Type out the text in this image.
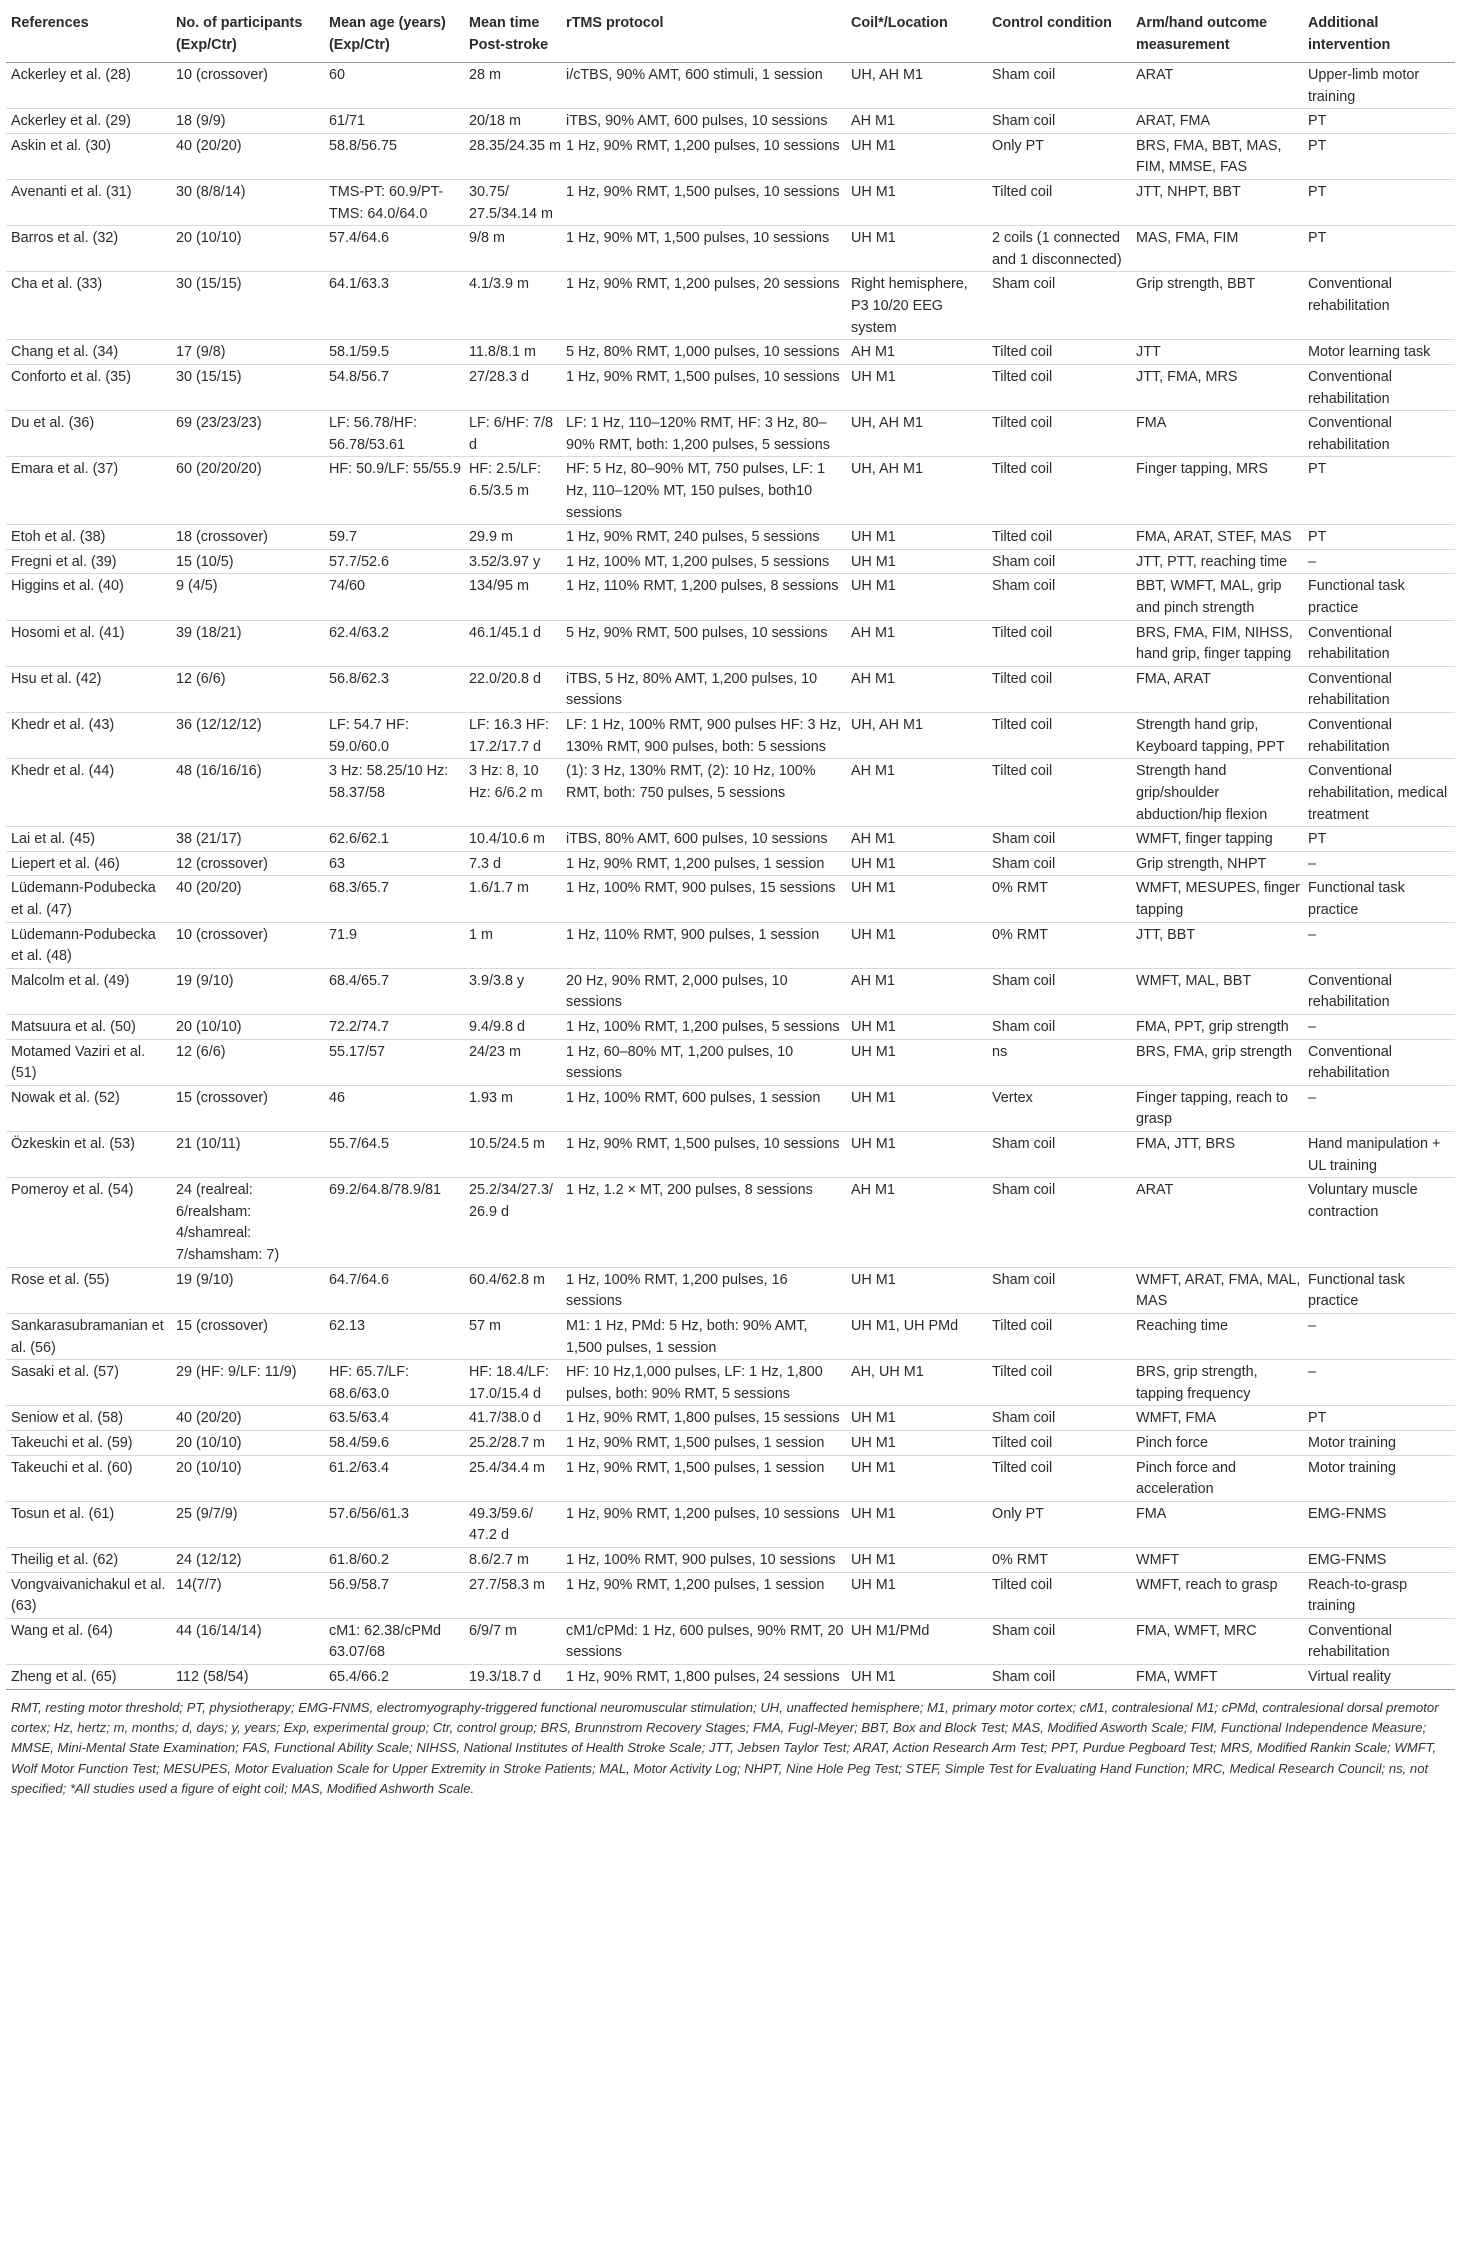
References	No. of participants (Exp/Ctr)	Mean age (years) (Exp/Ctr)	Mean time Post-stroke	rTMS protocol	Coil*/Location	Control condition	Arm/hand outcome measurement	Additional intervention
Ackerley et al. (28)	10 (crossover)	60	28 m	i/cTBS, 90% AMT, 600 stimuli, 1 session	UH, AH M1	Sham coil	ARAT	Upper-limb motor training
Ackerley et al. (29)	18 (9/9)	61/71	20/18 m	iTBS, 90% AMT, 600 pulses, 10 sessions	AH M1	Sham coil	ARAT, FMA	PT
Askin et al. (30)	40 (20/20)	58.8/56.75	28.35/24.35 m	1 Hz, 90% RMT, 1,200 pulses, 10 sessions	UH M1	Only PT	BRS, FMA, BBT, MAS, FIM, MMSE, FAS	PT
Avenanti et al. (31)	30 (8/8/14)	TMS-PT: 60.9/PT-TMS: 64.0/64.0	30.75/ 27.5/34.14 m	1 Hz, 90% RMT, 1,500 pulses, 10 sessions	UH M1	Tilted coil	JTT, NHPT, BBT	PT
Barros et al. (32)	20 (10/10)	57.4/64.6	9/8 m	1 Hz, 90% MT, 1,500 pulses, 10 sessions	UH M1	2 coils (1 connected and 1 disconnected)	MAS, FMA, FIM	PT
Cha et al. (33)	30 (15/15)	64.1/63.3	4.1/3.9 m	1 Hz, 90% RMT, 1,200 pulses, 20 sessions	Right hemisphere, P3 10/20 EEG system	Sham coil	Grip strength, BBT	Conventional rehabilitation
Chang et al. (34)	17 (9/8)	58.1/59.5	11.8/8.1 m	5 Hz, 80% RMT, 1,000 pulses, 10 sessions	AH M1	Tilted coil	JTT	Motor learning task
Conforto et al. (35)	30 (15/15)	54.8/56.7	27/28.3 d	1 Hz, 90% RMT, 1,500 pulses, 10 sessions	UH M1	Tilted coil	JTT, FMA, MRS	Conventional rehabilitation
Du et al. (36)	69 (23/23/23)	LF: 56.78/HF: 56.78/53.61	LF: 6/HF: 7/8 d	LF: 1 Hz, 110–120% RMT, HF: 3 Hz, 80–90% RMT, both: 1,200 pulses, 5 sessions	UH, AH M1	Tilted coil	FMA	Conventional rehabilitation
Emara et al. (37)	60 (20/20/20)	HF: 50.9/LF: 55/55.9	HF: 2.5/LF: 6.5/3.5 m	HF: 5 Hz, 80–90% MT, 750 pulses, LF: 1 Hz, 110–120% MT, 150 pulses, both10 sessions	UH, AH M1	Tilted coil	Finger tapping, MRS	PT
Etoh et al. (38)	18 (crossover)	59.7	29.9 m	1 Hz, 90% RMT, 240 pulses, 5 sessions	UH M1	Tilted coil	FMA, ARAT, STEF, MAS	PT
Fregni et al. (39)	15 (10/5)	57.7/52.6	3.52/3.97 y	1 Hz, 100% MT, 1,200 pulses, 5 sessions	UH M1	Sham coil	JTT, PTT, reaching time	–
Higgins et al. (40)	9 (4/5)	74/60	134/95 m	1 Hz, 110% RMT, 1,200 pulses, 8 sessions	UH M1	Sham coil	BBT, WMFT, MAL, grip and pinch strength	Functional task practice
Hosomi et al. (41)	39 (18/21)	62.4/63.2	46.1/45.1 d	5 Hz, 90% RMT, 500 pulses, 10 sessions	AH M1	Tilted coil	BRS, FMA, FIM, NIHSS, hand grip, finger tapping	Conventional rehabilitation
Hsu et al. (42)	12 (6/6)	56.8/62.3	22.0/20.8 d	iTBS, 5 Hz, 80% AMT, 1,200 pulses, 10 sessions	AH M1	Tilted coil	FMA, ARAT	Conventional rehabilitation
Khedr et al. (43)	36 (12/12/12)	LF: 54.7 HF: 59.0/60.0	LF: 16.3 HF: 17.2/17.7 d	LF: 1 Hz, 100% RMT, 900 pulses HF: 3 Hz, 130% RMT, 900 pulses, both: 5 sessions	UH, AH M1	Tilted coil	Strength hand grip, Keyboard tapping, PPT	Conventional rehabilitation
Khedr et al. (44)	48 (16/16/16)	3 Hz: 58.25/10 Hz: 58.37/58	3 Hz: 8, 10 Hz: 6/6.2 m	(1): 3 Hz, 130% RMT, (2): 10 Hz, 100% RMT, both: 750 pulses, 5 sessions	AH M1	Tilted coil	Strength hand grip/shoulder abduction/hip flexion	Conventional rehabilitation, medical treatment
Lai et al. (45)	38 (21/17)	62.6/62.1	10.4/10.6 m	iTBS, 80% AMT, 600 pulses, 10 sessions	AH M1	Sham coil	WMFT, finger tapping	PT
Liepert et al. (46)	12 (crossover)	63	7.3 d	1 Hz, 90% RMT, 1,200 pulses, 1 session	UH M1	Sham coil	Grip strength, NHPT	–
Lüdemann-Podubecka et al. (47)	40 (20/20)	68.3/65.7	1.6/1.7 m	1 Hz, 100% RMT, 900 pulses, 15 sessions	UH M1	0% RMT	WMFT, MESUPES, finger tapping	Functional task practice
Lüdemann-Podubecka et al. (48)	10 (crossover)	71.9	1 m	1 Hz, 110% RMT, 900 pulses, 1 session	UH M1	0% RMT	JTT, BBT	–
Malcolm et al. (49)	19 (9/10)	68.4/65.7	3.9/3.8 y	20 Hz, 90% RMT, 2,000 pulses, 10 sessions	AH M1	Sham coil	WMFT, MAL, BBT	Conventional rehabilitation
Matsuura et al. (50)	20 (10/10)	72.2/74.7	9.4/9.8 d	1 Hz, 100% RMT, 1,200 pulses, 5 sessions	UH M1	Sham coil	FMA, PPT, grip strength	–
Motamed Vaziri et al. (51)	12 (6/6)	55.17/57	24/23 m	1 Hz, 60–80% MT, 1,200 pulses, 10 sessions	UH M1	ns	BRS, FMA, grip strength	Conventional rehabilitation
Nowak et al. (52)	15 (crossover)	46	1.93 m	1 Hz, 100% RMT, 600 pulses, 1 session	UH M1	Vertex	Finger tapping, reach to grasp	–
Özkeskin et al. (53)	21 (10/11)	55.7/64.5	10.5/24.5 m	1 Hz, 90% RMT, 1,500 pulses, 10 sessions	UH M1	Sham coil	FMA, JTT, BRS	Hand manipulation + UL training
Pomeroy et al. (54)	24 (realreal: 6/realsham: 4/shamreal: 7/shamsham: 7)	69.2/64.8/78.9/81	25.2/34/27.3/ 26.9 d	1 Hz, 1.2 × MT, 200 pulses, 8 sessions	AH M1	Sham coil	ARAT	Voluntary muscle contraction
Rose et al. (55)	19 (9/10)	64.7/64.6	60.4/62.8 m	1 Hz, 100% RMT, 1,200 pulses, 16 sessions	UH M1	Sham coil	WMFT, ARAT, FMA, MAL, MAS	Functional task practice
Sankarasubramanian et al. (56)	15 (crossover)	62.13	57 m	M1: 1 Hz, PMd: 5 Hz, both: 90% AMT, 1,500 pulses, 1 session	UH M1, UH PMd	Tilted coil	Reaching time	–
Sasaki et al. (57)	29 (HF: 9/LF: 11/9)	HF: 65.7/LF: 68.6/63.0	HF: 18.4/LF: 17.0/15.4 d	HF: 10 Hz,1,000 pulses, LF: 1 Hz, 1,800 pulses, both: 90% RMT, 5 sessions	AH, UH M1	Tilted coil	BRS, grip strength, tapping frequency	–
Seniow et al. (58)	40 (20/20)	63.5/63.4	41.7/38.0 d	1 Hz, 90% RMT, 1,800 pulses, 15 sessions	UH M1	Sham coil	WMFT, FMA	PT
Takeuchi et al. (59)	20 (10/10)	58.4/59.6	25.2/28.7 m	1 Hz, 90% RMT, 1,500 pulses, 1 session	UH M1	Tilted coil	Pinch force	Motor training
Takeuchi et al. (60)	20 (10/10)	61.2/63.4	25.4/34.4 m	1 Hz, 90% RMT, 1,500 pulses, 1 session	UH M1	Tilted coil	Pinch force and acceleration	Motor training
Tosun et al. (61)	25 (9/7/9)	57.6/56/61.3	49.3/59.6/ 47.2 d	1 Hz, 90% RMT, 1,200 pulses, 10 sessions	UH M1	Only PT	FMA	EMG-FNMS
Theilig et al. (62)	24 (12/12)	61.8/60.2	8.6/2.7 m	1 Hz, 100% RMT, 900 pulses, 10 sessions	UH M1	0% RMT	WMFT	EMG-FNMS
Vongvaivanichakul et al. (63)	14(7/7)	56.9/58.7	27.7/58.3 m	1 Hz, 90% RMT, 1,200 pulses, 1 session	UH M1	Tilted coil	WMFT, reach to grasp	Reach-to-grasp training
Wang et al. (64)	44 (16/14/14)	cM1: 62.38/cPMd 63.07/68	6/9/7 m	cM1/cPMd: 1 Hz, 600 pulses, 90% RMT, 20 sessions	UH M1/PMd	Sham coil	FMA, WMFT, MRC	Conventional rehabilitation
Zheng et al. (65)	112 (58/54)	65.4/66.2	19.3/18.7 d	1 Hz, 90% RMT, 1,800 pulses, 24 sessions	UH M1	Sham coil	FMA, WMFT	Virtual reality

RMT, resting motor threshold; PT, physiotherapy; EMG-FNMS, electromyography-triggered functional neuromuscular stimulation; UH, unaffected hemisphere; M1, primary motor cortex; cM1, contralesional M1; cPMd, contralesional dorsal premotor cortex; Hz, hertz; m, months; d, days; y, years; Exp, experimental group; Ctr, control group; BRS, Brunnstrom Recovery Stages; FMA, Fugl-Meyer; BBT, Box and Block Test; MAS, Modified Asworth Scale; FIM, Functional Independence Measure; MMSE, Mini-Mental State Examination; FAS, Functional Ability Scale; NIHSS, National Institutes of Health Stroke Scale; JTT, Jebsen Taylor Test; ARAT, Action Research Arm Test; PPT, Purdue Pegboard Test; MRS, Modified Rankin Scale; WMFT, Wolf Motor Function Test; MESUPES, Motor Evaluation Scale for Upper Extremity in Stroke Patients; MAL, Motor Activity Log; NHPT, Nine Hole Peg Test; STEF, Simple Test for Evaluating Hand Function; MRC, Medical Research Council; ns, not specified; *All studies used a figure of eight coil; MAS, Modified Ashworth Scale.
